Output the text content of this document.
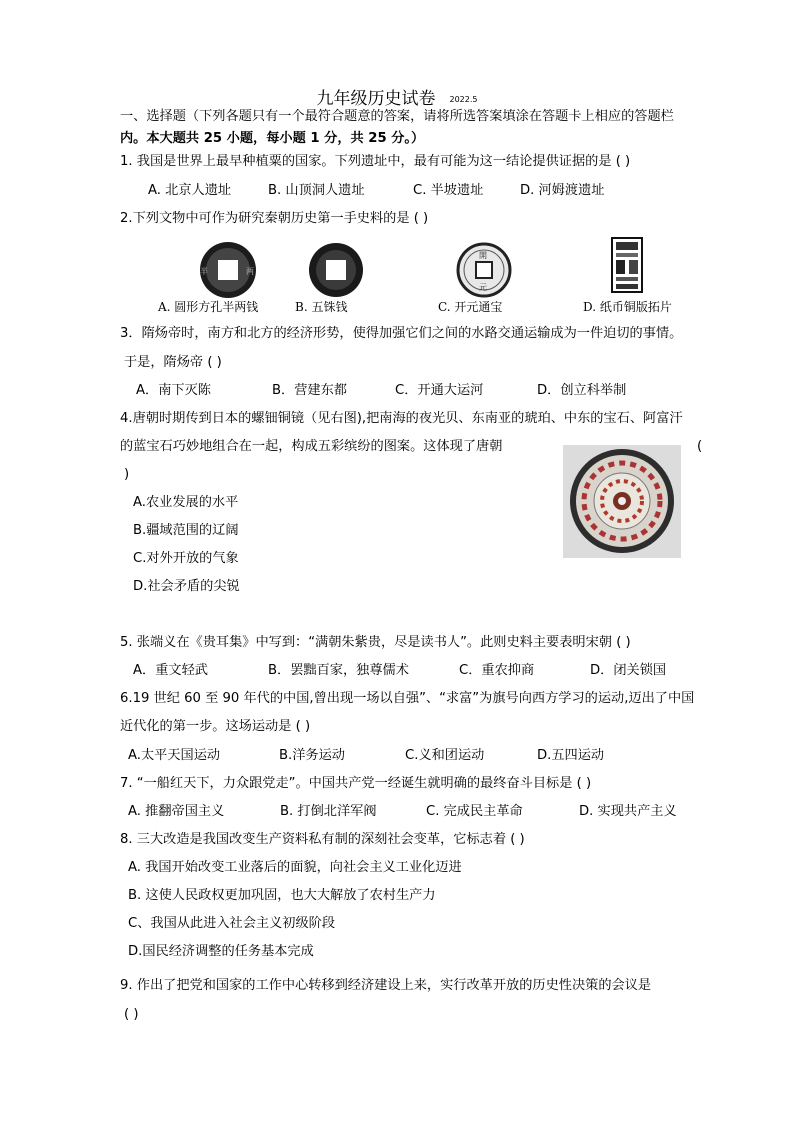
九年级历史试卷 2022.5
一、选择题（下列各题只有一个最符合题意的答案，请将所选答案填涂在答题卡上相应的答题栏
内。本大题共 25 小题，每小题 1 分，共 25 分。）
1. 我国是世界上最早种植粟的国家。下列遗址中，最有可能为这一结论提供证据的是 ( )
A. 北京人遗址	B. 山顶洞人遗址	C. 半坡遗址	D. 河姆渡遗址
2.下列文物中可作为研究秦朝历史第一手史料的是 ( )
半	两
開
元
A. 圆形方孔半两钱	B. 五铢钱	C. 开元通宝	D. 纸币铜版拓片
3．隋炀帝时，南方和北方的经济形势，使得加强它们之间的水路交通运输成为一件迫切的事情。
于是，隋炀帝 ( )
A．南下灭陈	B．营建东都	C．开通大运河	D．创立科举制
4.唐朝时期传到日本的螺钿铜镜（见右图),把南海的夜光贝、东南亚的琥珀、中东的宝石、阿富汗
的蓝宝石巧妙地组合在一起，构成五彩缤纷的图案。这体现了唐朝	(
)
A.农业发展的水平
B.疆域范围的辽阔
C.对外开放的气象
D.社会矛盾的尖锐
5. 张端义在《贵耳集》中写到：“满朝朱紫贵，尽是读书人”。此则史料主要表明宋朝 ( )
A．重文轻武	B．罢黜百家，独尊儒术	C．重农抑商	D．闭关锁国
6.19 世纪 60 至 90 年代的中国,曾出现一场以自强”、“求富”为旗号向西方学习的运动,迈出了中国
近代化的第一步。这场运动是 ( )
A.太平天国运动	B.洋务运动	C.义和团运动	D.五四运动
7. “一船红天下，力众跟党走”。中国共产党一经诞生就明确的最终奋斗目标是 ( )
A. 推翻帝国主义	B. 打倒北洋军阀	C. 完成民主革命	D. 实现共产主义
8. 三大改造是我国改变生产资料私有制的深刻社会变革，它标志着 ( )
A. 我国开始改变工业落后的面貌，向社会主义工业化迈进
B. 这使人民政权更加巩固，也大大解放了农村生产力
C、我国从此进入社会主义初级阶段
D.国民经济调整的任务基本完成
9. 作出了把党和国家的工作中心转移到经济建设上来，实行改革开放的历史性决策的会议是
( )
